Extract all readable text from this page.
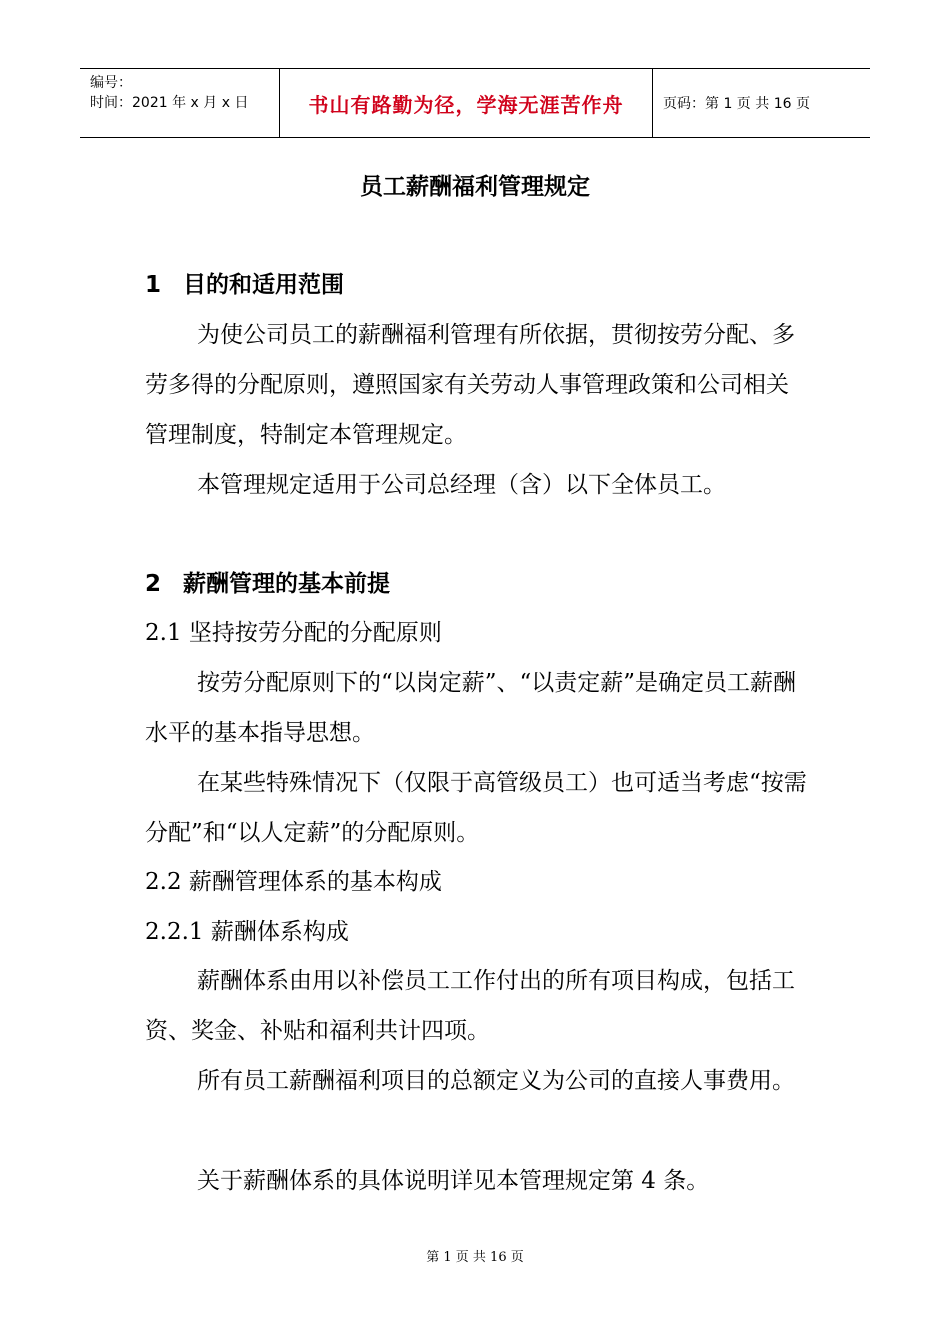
编号：
时间：2021 年 x 月 x 日	书山有路勤为径，学海无涯苦作舟	页码：第 1 页 共 16 页
员工薪酬福利管理规定

1 目的和适用范围

为使公司员工的薪酬福利管理有所依据，贯彻按劳分配、多劳多得的分配原则，遵照国家有关劳动人事管理政策和公司相关管理制度，特制定本管理规定。

本管理规定适用于公司总经理（含）以下全体员工。

2 薪酬管理的基本前提

2.1 坚持按劳分配的分配原则

按劳分配原则下的“以岗定薪”、“以责定薪”是确定员工薪酬水平的基本指导思想。

在某些特殊情况下（仅限于高管级员工）也可适当考虑“按需分配”和“以人定薪”的分配原则。

2.2 薪酬管理体系的基本构成

2.2.1 薪酬体系构成

薪酬体系由用以补偿员工工作付出的所有项目构成，包括工资、奖金、补贴和福利共计四项。

所有员工薪酬福利项目的总额定义为公司的直接人事费用。

关于薪酬体系的具体说明详见本管理规定第 4 条。

第 1 页 共 16 页
